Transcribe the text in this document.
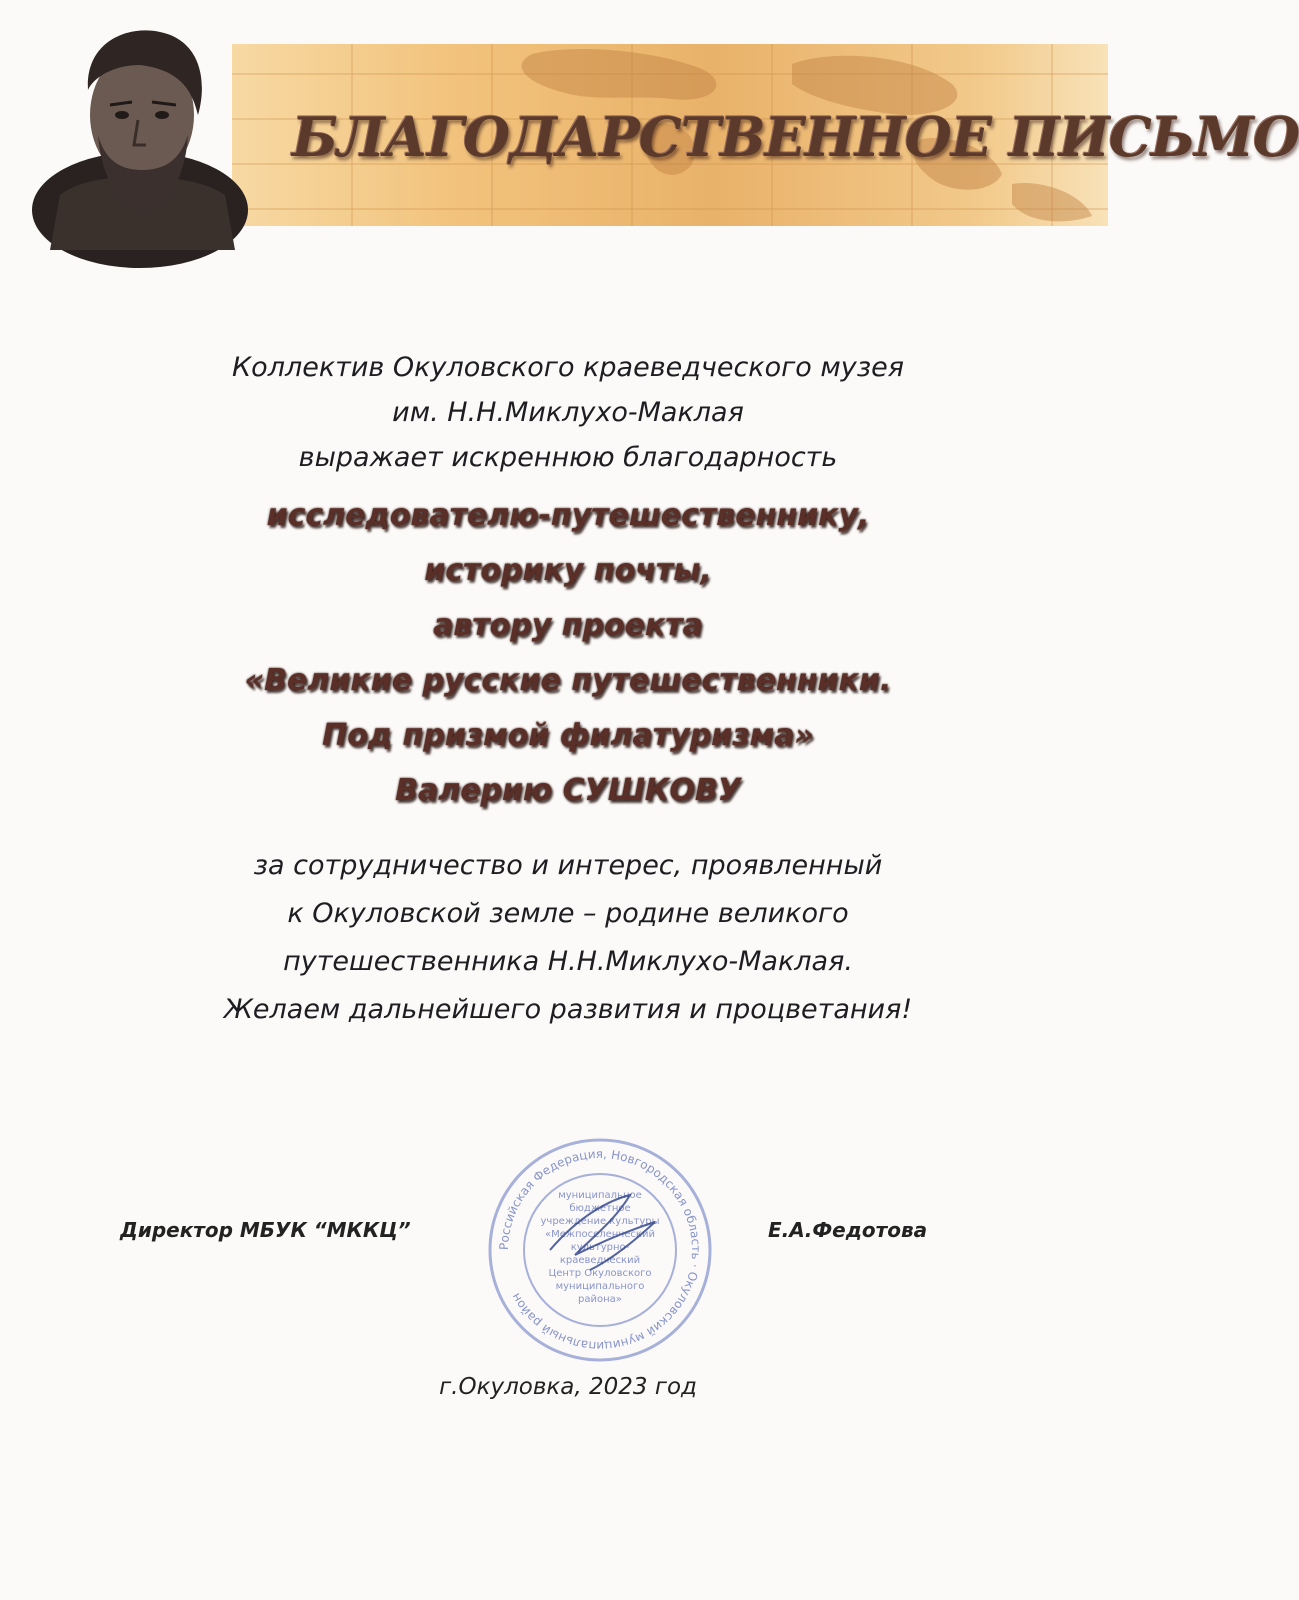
БЛАГОДАРСТВЕННОЕ ПИСЬМО
Коллектив Окуловского краеведческого музея
им. Н.Н.Миклухо-Маклая
выражает искреннюю благодарность
исследователю-путешественнику,
историку почты,
автору проекта
«Великие русские путешественники.
Под призмой филатуризма»
Валерию СУШКОВУ
за сотрудничество и интерес, проявленный
к Окуловской земле – родине великого
путешественника Н.Н.Миклухо-Маклая.
Желаем дальнейшего развития и процветания!
Российская Федерация, Новгородская область · Окуловский муниципальный район
муниципальное
бюджетное
учреждение культуры
«Межпоселенческий
культурно-
краеведческий
Центр Окуловского
муниципального
района»
Директор МБУК “МККЦ”	Е.А.Федотова
г.Окуловка, 2023 год
